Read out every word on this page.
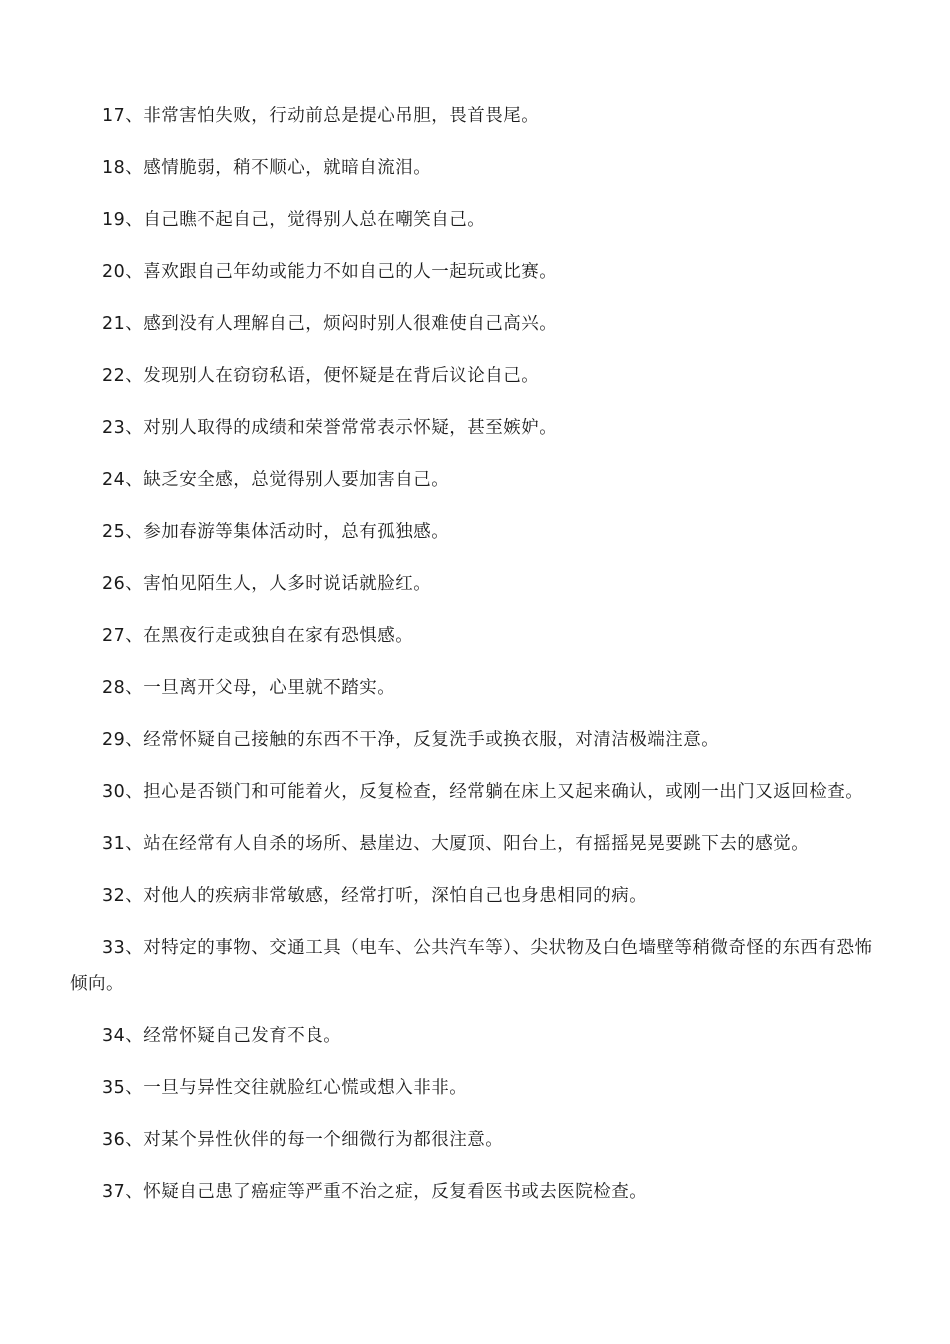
17、非常害怕失败，行动前总是提心吊胆，畏首畏尾。

18、感情脆弱，稍不顺心，就暗自流泪。

19、自己瞧不起自己，觉得别人总在嘲笑自己。

20、喜欢跟自己年幼或能力不如自己的人一起玩或比赛。

21、感到没有人理解自己，烦闷时别人很难使自己高兴。

22、发现别人在窃窃私语，便怀疑是在背后议论自己。

23、对别人取得的成绩和荣誉常常表示怀疑，甚至嫉妒。

24、缺乏安全感，总觉得别人要加害自己。

25、参加春游等集体活动时，总有孤独感。

26、害怕见陌生人，人多时说话就脸红。

27、在黑夜行走或独自在家有恐惧感。

28、一旦离开父母，心里就不踏实。

29、经常怀疑自己接触的东西不干净，反复洗手或换衣服，对清洁极端注意。

30、担心是否锁门和可能着火，反复检查，经常躺在床上又起来确认，或刚一出门又返回检查。

31、站在经常有人自杀的场所、悬崖边、大厦顶、阳台上，有摇摇晃晃要跳下去的感觉。

32、对他人的疾病非常敏感，经常打听，深怕自己也身患相同的病。

33、对特定的事物、交通工具（电车、公共汽车等）、尖状物及白色墙壁等稍微奇怪的东西有恐怖倾向。

34、经常怀疑自己发育不良。

35、一旦与异性交往就脸红心慌或想入非非。

36、对某个异性伙伴的每一个细微行为都很注意。

37、怀疑自己患了癌症等严重不治之症，反复看医书或去医院检查。
